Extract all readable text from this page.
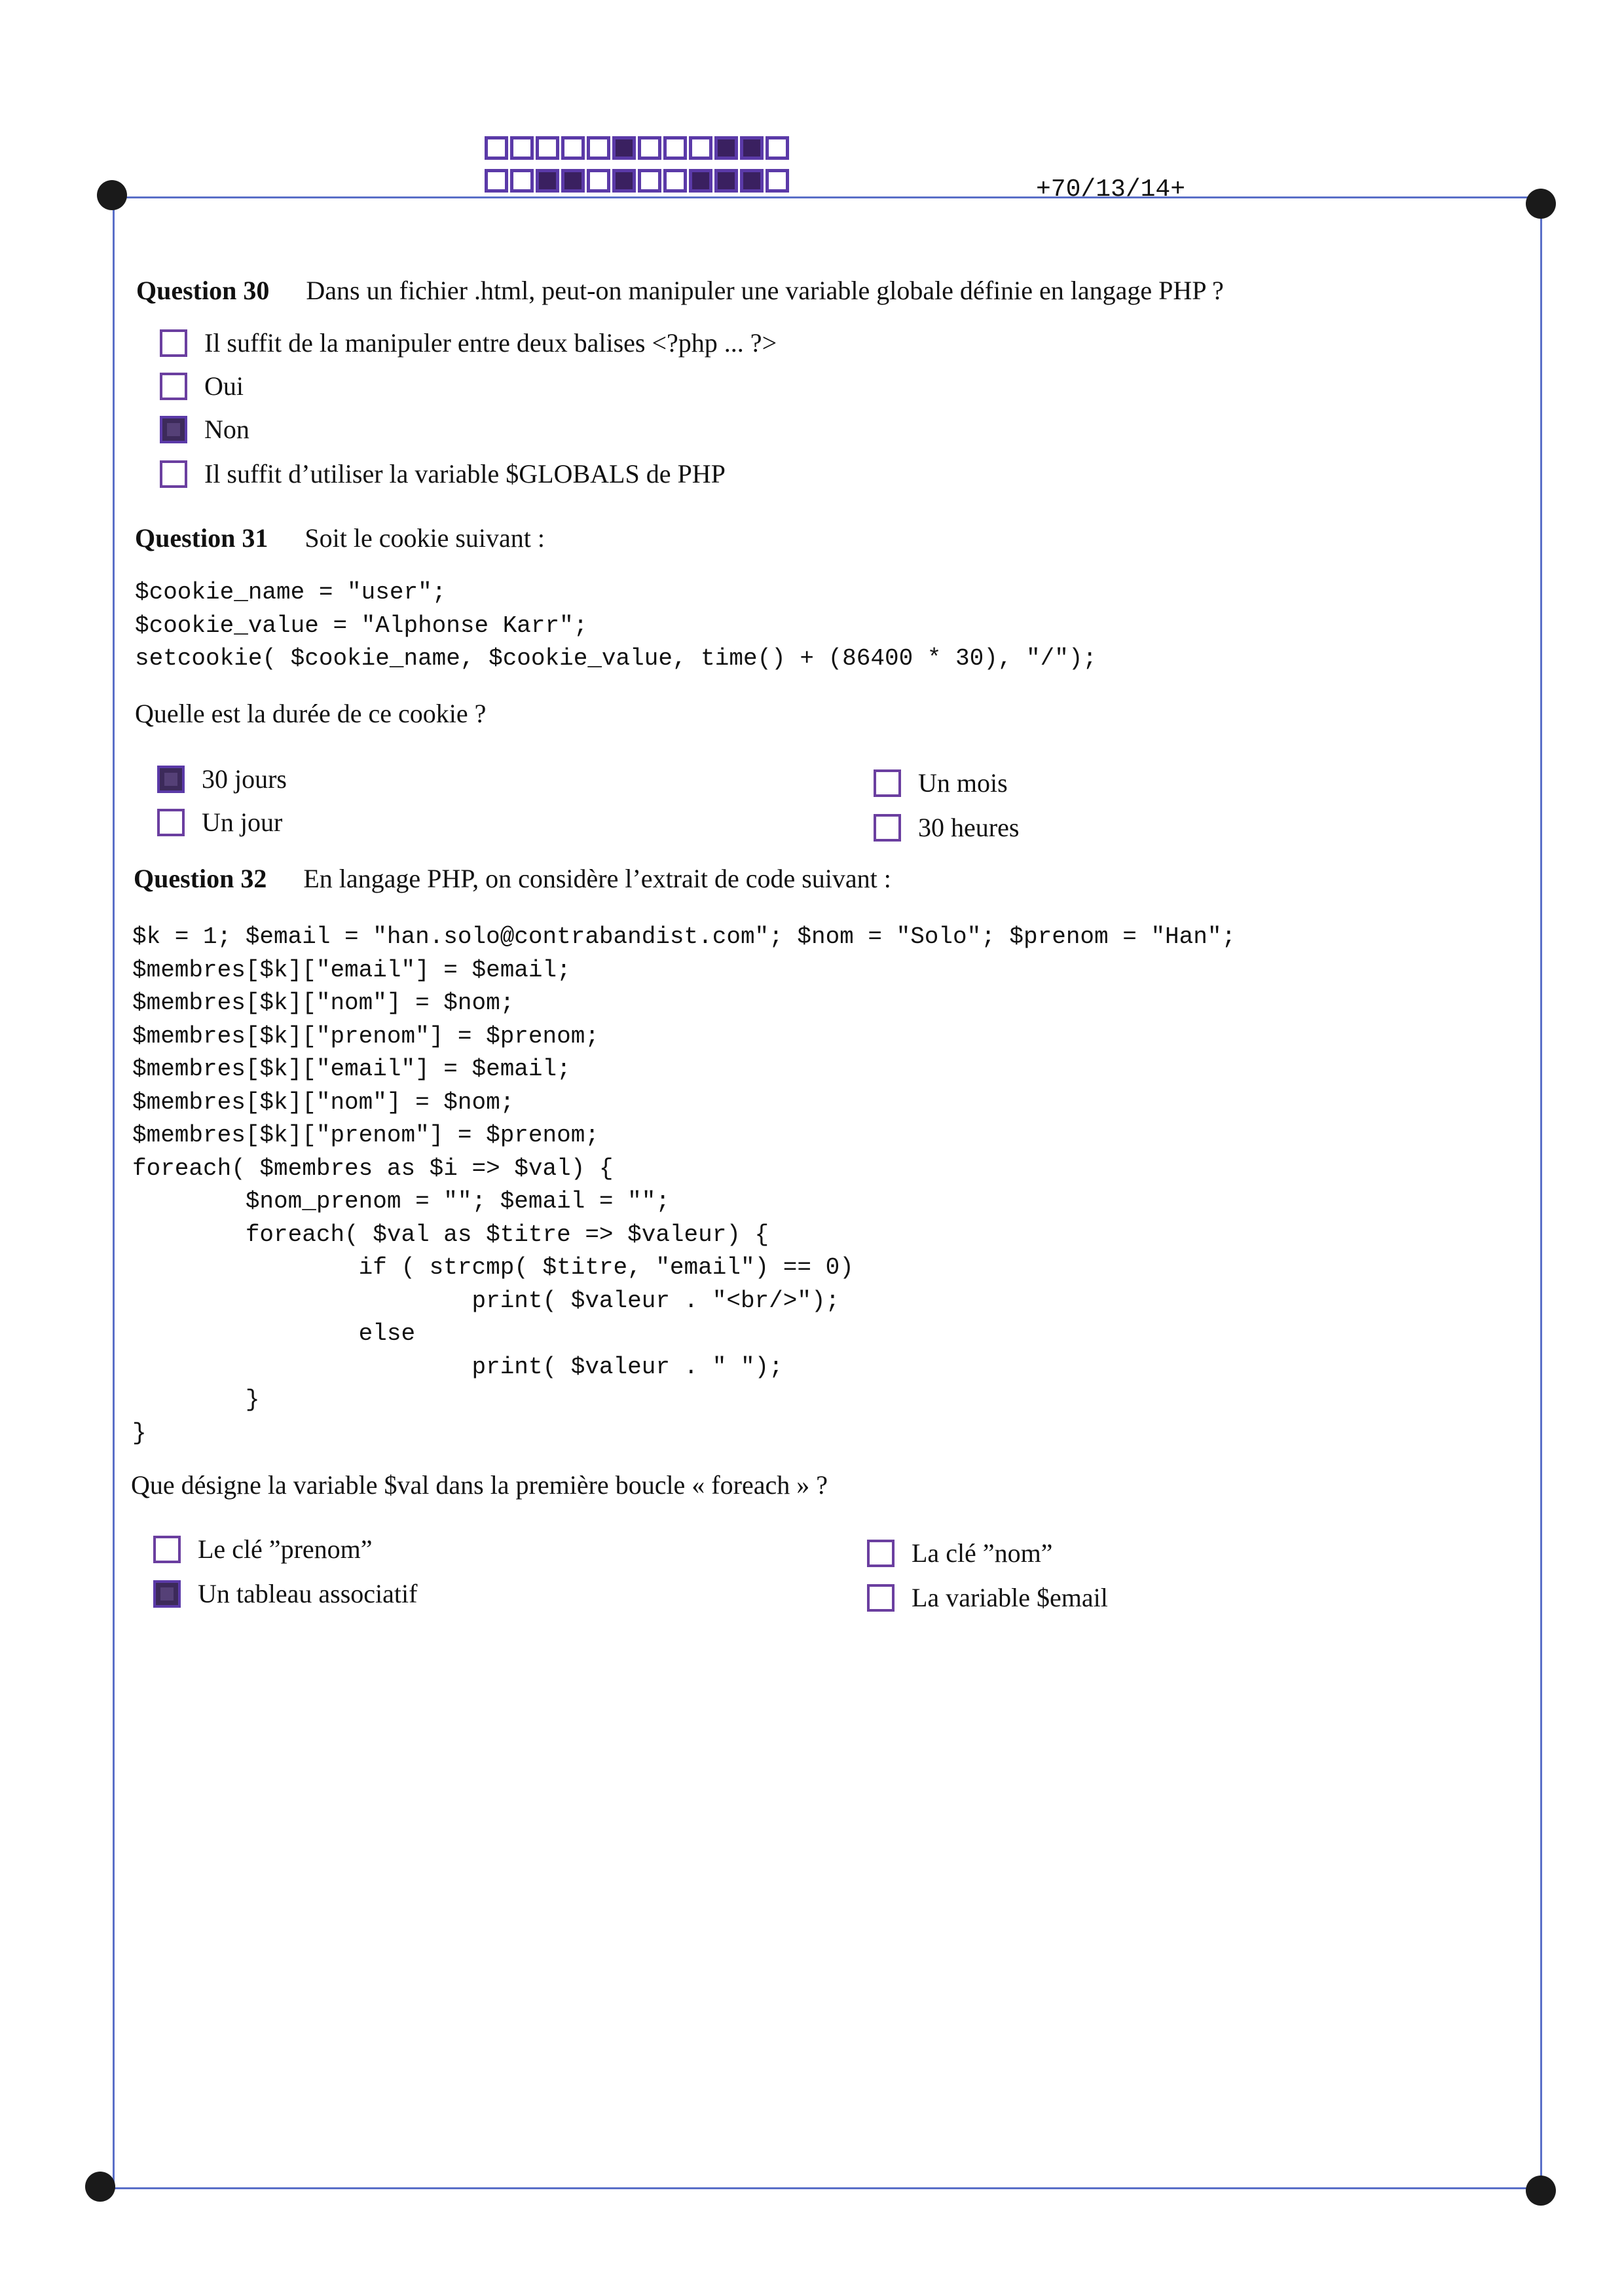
+70/13/14+
Question 30 Dans un fichier .html, peut-on manipuler une variable globale définie en langage PHP ?
Il suffit de la manipuler entre deux balises <?php ... ?>
Oui
Non
Il suffit d’utiliser la variable $GLOBALS de PHP
Question 31 Soit le cookie suivant :
$cookie_name = "user";
$cookie_value = "Alphonse Karr";
setcookie( $cookie_name, $cookie_value, time() + (86400 * 30), "/");
Quelle est la durée de ce cookie ?
30 jours
Un jour
Un mois
30 heures
Question 32 En langage PHP, on considère l’extrait de code suivant :
$k = 1; $email = "han.solo@contrabandist.com"; $nom = "Solo"; $prenom = "Han";
$membres[$k]["email"] = $email;
$membres[$k]["nom"] = $nom;
$membres[$k]["prenom"] = $prenom;
$membres[$k]["email"] = $email;
$membres[$k]["nom"] = $nom;
$membres[$k]["prenom"] = $prenom;
foreach( $membres as $i => $val) {
$nom_prenom = ""; $email = "";
foreach( $val as $titre => $valeur) {
if ( strcmp( $titre, "email") == 0)
print( $valeur . "<br/>");
else
print( $valeur . " ");
}
}
Que désigne la variable $val dans la première boucle « foreach » ?
Le clé ”prenom”
Un tableau associatif
La clé ”nom”
La variable $email
